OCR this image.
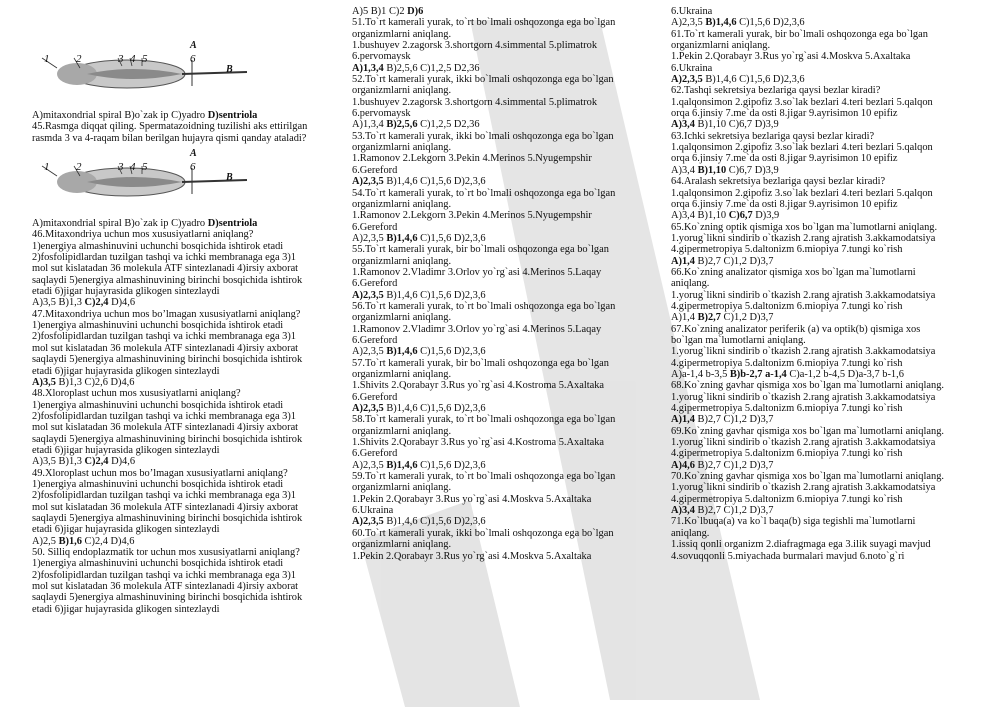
1 2	3 4 5
A
6
B
A)mitaxondrial spiral B)o`zak ip C)yadro D)sentriola
45.Rasmga diqqat qiling. Spermatazoidning tuzilishi aks ettirilgan
rasmda 3 va 4-raqam bilan berilgan hujayra qismi qanday ataladi?
1 2	3 4 5
A
6
B
A)mitaxondrial spiral B)o`zak ip C)yadro D)sentriola
46.Mitaxondriya uchun mos xususiyatlarni aniqlang?
1)energiya almashinuvini uchunchi bosqichida ishtirok etadi
2)fosfolipidlardan tuzilgan tashqi va ichki membranaga ega 3)1
mol sut kislatadan 36 molekula ATF sintezlanadi 4)irsiy axborat
saqlaydi 5)energiya almashinuvining birinchi bosqichida ishtirok
etadi 6)jigar hujayrasida glikogen sintezlaydi
A)3,5 B)1,3 C)2,4 D)4,6
47.Mitaxondriya uchun mos bo’lmagan xususiyatlarni aniqlang?
1)energiya almashinuvini uchunchi bosqichida ishtirok etadi
2)fosfolipidlardan tuzilgan tashqi va ichki membranaga ega 3)1
mol sut kislatadan 36 molekula ATF sintezlanadi 4)irsiy axborat
saqlaydi 5)energiya almashinuvining birinchi bosqichida ishtirok
etadi 6)jigar hujayrasida glikogen sintezlaydi
A)3,5 B)1,3 C)2,6 D)4,6
48.Xloroplast uchun mos xususiyatlarni aniqlang?
1)energiya almashinuvini uchunchi bosqichida ishtirok etadi
2)fosfolipidlardan tuzilgan tashqi va ichki membranaga ega 3)1
mol sut kislatadan 36 molekula ATF sintezlanadi 4)irsiy axborat
saqlaydi 5)energiya almashinuvining birinchi bosqichida ishtirok
etadi 6)jigar hujayrasida glikogen sintezlaydi
A)3,5 B)1,3 C)2,4 D)4,6
49.Xloroplast uchun mos bo’lmagan xususiyatlarni aniqlang?
1)energiya almashinuvini uchunchi bosqichida ishtirok etadi
2)fosfolipidlardan tuzilgan tashqi va ichki membranaga ega 3)1
mol sut kislatadan 36 molekula ATF sintezlanadi 4)irsiy axborat
saqlaydi 5)energiya almashinuvining birinchi bosqichida ishtirok
etadi 6)jigar hujayrasida glikogen sintezlaydi
A)2,5 B)1,6 C)2,4 D)4,6
50. Silliq endoplazmatik tor uchun mos xususiyatlarni aniqlang?
1)energiya almashinuvini uchunchi bosqichida ishtirok etadi
2)fosfolipidlardan tuzilgan tashqi va ichki membranaga ega 3)1
mol sut kislatadan 36 molekula ATF sintezlanadi 4)irsiy axborat
saqlaydi 5)energiya almashinuvining birinchi bosqichida ishtirok
etadi 6)jigar hujayrasida glikogen sintezlaydi
A)5 B)1 C)2 D)6
51.To`rt kamerali yurak, to`rt bo`lmali oshqozonga ega bo`lgan
organizmlarni aniqlang.
1.bushuyev 2.zagorsk 3.shortgorn 4.simmental 5.plimatrok
6.pervomaysk
A)1,3,4 B)2,5,6 C)1,2,5 D2,36
52.To`rt kamerali yurak, ikki bo`lmali oshqozonga ega bo`lgan
organizmlarni aniqlang.
1.bushuyev 2.zagorsk 3.shortgorn 4.simmental 5.plimatrok
6.pervomaysk
A)1,3,4 B)2,5,6 C)1,2,5 D2,36
53.To`rt kamerali yurak, ikki bo`lmali oshqozonga ega bo`lgan
organizmlarni aniqlang.
1.Ramonov 2.Lekgorn 3.Pekin 4.Merinos 5.Nyugempshir
6.Gereford
A)2,3,5 B)1,4,6 C)1,5,6 D)2,3,6
54.To`rt kamerali yurak, to`rt bo`lmali oshqozonga ega bo`lgan
organizmlarni aniqlang.
1.Ramonov 2.Lekgorn 3.Pekin 4.Merinos 5.Nyugempshir
6.Gereford
A)2,3,5 B)1,4,6 C)1,5,6 D)2,3,6
55.To`rt kamerali yurak, bir bo`lmali oshqozonga ega bo`lgan
organizmlarni aniqlang.
1.Ramonov 2.Vladimr 3.Orlov yo`rg`asi 4.Merinos 5.Laqay
6.Gereford
A)2,3,5 B)1,4,6 C)1,5,6 D)2,3,6
56.To`rt kamerali yurak, to`rt bo`lmali oshqozonga ega bo`lgan
organizmlarni aniqlang.
1.Ramonov 2.Vladimr 3.Orlov yo`rg`asi 4.Merinos 5.Laqay
6.Gereford
A)2,3,5 B)1,4,6 C)1,5,6 D)2,3,6
57.To`rt kamerali yurak, bir bo`lmali oshqozonga ega bo`lgan
organizmlarni aniqlang.
1.Shivits 2.Qorabayr 3.Rus yo`rg`asi 4.Kostroma 5.Axaltaka
6.Gereford
A)2,3,5 B)1,4,6 C)1,5,6 D)2,3,6
58.To`rt kamerali yurak, to`rt bo`lmali oshqozonga ega bo`lgan
organizmlarni aniqlang.
1.Shivits 2.Qorabayr 3.Rus yo`rg`asi 4.Kostroma 5.Axaltaka
6.Gereford
A)2,3,5 B)1,4,6 C)1,5,6 D)2,3,6
59.To`rt kamerali yurak, to`rt bo`lmali oshqozonga ega bo`lgan
organizmlarni aniqlang.
1.Pekin 2.Qorabayr 3.Rus yo`rg`asi 4.Moskva 5.Axaltaka
6.Ukraina
A)2,3,5 B)1,4,6 C)1,5,6 D)2,3,6
60.To`rt kamerali yurak, ikki bo`lmali oshqozonga ega bo`lgan
organizmlarni aniqlang.
1.Pekin 2.Qorabayr 3.Rus yo`rg`asi 4.Moskva 5.Axaltaka
6.Ukraina
A)2,3,5 B)1,4,6 C)1,5,6 D)2,3,6
61.To`rt kamerali yurak, bir bo`lmali oshqozonga ega bo`lgan
organizmlarni aniqlang.
1.Pekin 2.Qorabayr 3.Rus yo`rg`asi 4.Moskva 5.Axaltaka
6.Ukraina
A)2,3,5 B)1,4,6 C)1,5,6 D)2,3,6
62.Tashqi sekretsiya bezlariga qaysi bezlar kiradi?
1.qalqonsimon 2.gipofiz 3.so`lak bezlari 4.teri bezlari 5.qalqon
orqa 6.jinsiy 7.me`da osti 8.jigar 9.ayrisimon 10 epifiz
A)3,4 B)1,10 C)6,7 D)3,9
63.Ichki sekretsiya bezlariga qaysi bezlar kiradi?
1.qalqonsimon 2.gipofiz 3.so`lak bezlari 4.teri bezlari 5.qalqon
orqa 6.jinsiy 7.me`da osti 8.jigar 9.ayrisimon 10 epifiz
A)3,4 B)1,10 C)6,7 D)3,9
64.Aralash sekretsiya bezlariga qaysi bezlar kiradi?
1.qalqonsimon 2.gipofiz 3.so`lak bezlari 4.teri bezlari 5.qalqon
orqa 6.jinsiy 7.me`da osti 8.jigar 9.ayrisimon 10 epifiz
A)3,4 B)1,10 C)6,7 D)3,9
65.Ko`zning optik qismiga xos bo`lgan ma`lumotlarni aniqlang.
1.yorug`likni sindirib o`tkazish 2.rang ajratish 3.akkamodatsiya
4.gipermetropiya 5.daltonizm 6.miopiya 7.tungi ko`rish
A)1,4 B)2,7 C)1,2 D)3,7
66.Ko`zning analizator qismiga xos bo`lgan ma`lumotlarni
aniqlang.
1.yorug`likni sindirib o`tkazish 2.rang ajratish 3.akkamodatsiya
4.gipermetropiya 5.daltonizm 6.miopiya 7.tungi ko`rish
A)1,4 B)2,7 C)1,2 D)3,7
67.Ko`zning analizator periferik (a) va optik(b) qismiga xos
bo`lgan ma`lumotlarni aniqlang.
1.yorug`likni sindirib o`tkazish 2.rang ajratish 3.akkamodatsiya
4.gipermetropiya 5.daltonizm 6.miopiya 7.tungi ko`rish
A)a-1,4 b-3,5 B)b-2,7 a-1,4 C)a-1,2 b-4,5 D)a-3,7 b-1,6
68.Ko`zning gavhar qismiga xos bo`lgan ma`lumotlarni aniqlang.
1.yorug`likni sindirib o`tkazish 2.rang ajratish 3.akkamodatsiya
4.gipermetropiya 5.daltonizm 6.miopiya 7.tungi ko`rish
A)1,4 B)2,7 C)1,2 D)3,7
69.Ko`zning gavhar qismiga xos bo`lgan ma`lumotlarni aniqlang.
1.yorug`likni sindirib o`tkazish 2.rang ajratish 3.akkamodatsiya
4.gipermetropiya 5.daltonizm 6.miopiya 7.tungi ko`rish
A)4,6 B)2,7 C)1,2 D)3,7
70.Ko`zning gavhar qismiga xos bo`lgan ma`lumotlarni aniqlang.
1.yorug`likni sindirib o`tkazish 2.rang ajratish 3.akkamodatsiya
4.gipermetropiya 5.daltonizm 6.miopiya 7.tungi ko`rish
A)3,4 B)2,7 C)1,2 D)3,7
71.Ko`lbuqa(a) va ko`l baqa(b) siga tegishli ma`lumotlarni
aniqlang.
1.issiq qonli organizm 2.diafragmaga ega 3.ilik suyagi mavjud
4.sovuqqonli 5.miyachada burmalari mavjud 6.noto`g`ri
